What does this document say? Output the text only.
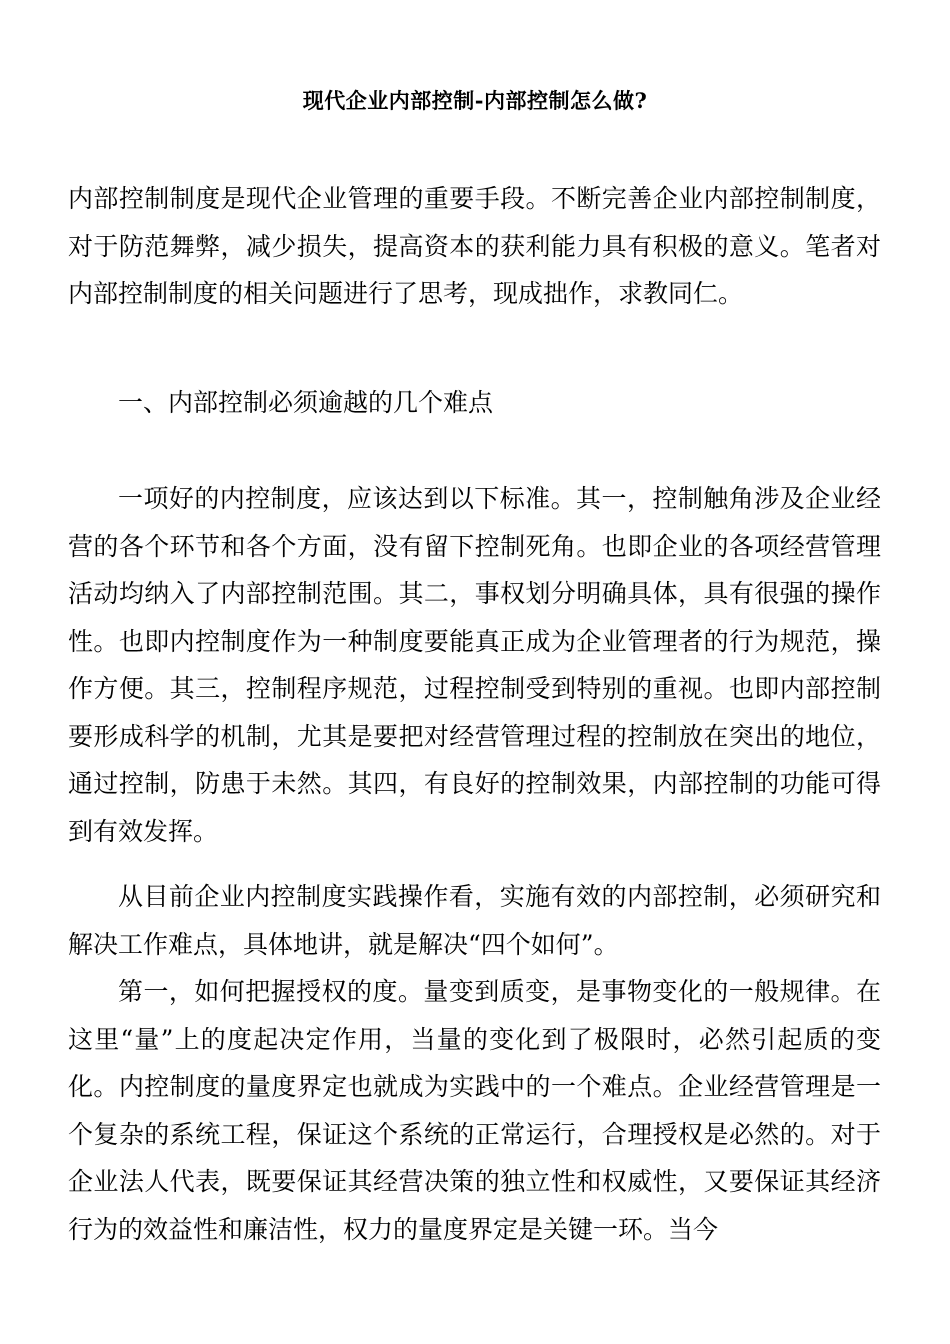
现代企业内部控制-内部控制怎么做?

内部控制制度是现代企业管理的重要手段。不断完善企业内部控制制度，对于防范舞弊，减少损失，提高资本的获利能力具有积极的意义。笔者对内部控制制度的相关问题进行了思考，现成拙作，求教同仁。

一、内部控制必须逾越的几个难点

一项好的内控制度，应该达到以下标准。其一，控制触角涉及企业经营的各个环节和各个方面，没有留下控制死角。也即企业的各项经营管理活动均纳入了内部控制范围。其二，事权划分明确具体，具有很强的操作性。也即内控制度作为一种制度要能真正成为企业管理者的行为规范，操作方便。其三，控制程序规范，过程控制受到特别的重视。也即内部控制要形成科学的机制，尤其是要把对经营管理过程的控制放在突出的地位，通过控制，防患于未然。其四，有良好的控制效果，内部控制的功能可得到有效发挥。

从目前企业内控制度实践操作看，实施有效的内部控制，必须研究和解决工作难点，具体地讲，就是解决“四个如何”。

第一，如何把握授权的度。量变到质变，是事物变化的一般规律。在这里“量”上的度起决定作用，当量的变化到了极限时，必然引起质的变化。内控制度的量度界定也就成为实践中的一个难点。企业经营管理是一个复杂的系统工程，保证这个系统的正常运行，合理授权是必然的。对于企业法人代表，既要保证其经营决策的独立性和权威性，又要保证其经济行为的效益性和廉洁性，权力的量度界定是关键一环。当今
